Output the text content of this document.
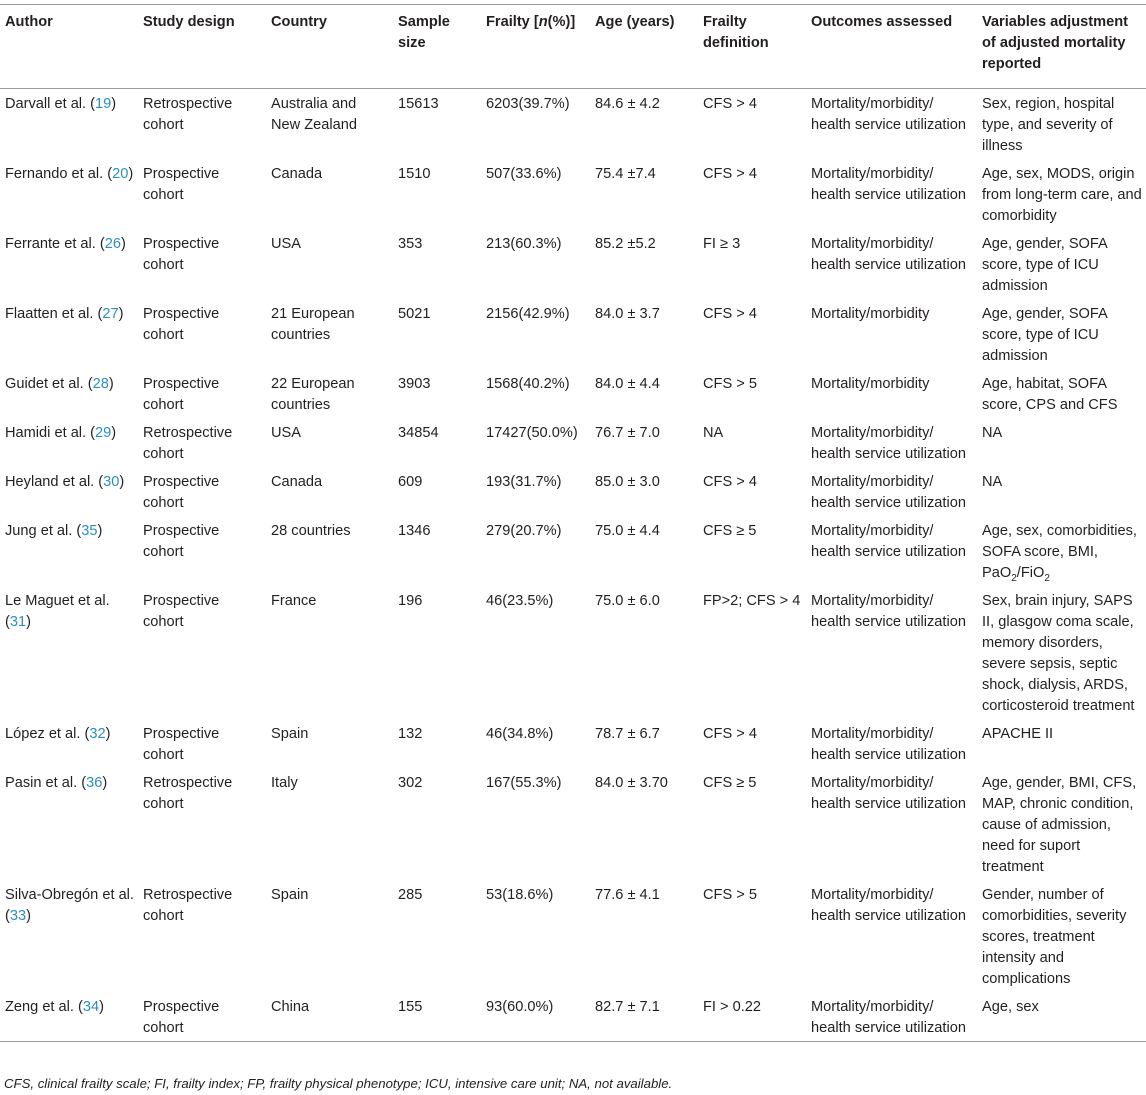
Author	Study design	Country	Sample size	Frailty [n(%)]	Age (years)	Frailty definition	Outcomes assessed	Variables adjustment of adjusted mortality reported
Darvall et al. (19)	Retrospective cohort	Australia and New Zealand	15613	6203(39.7%)	84.6 ± 4.2	CFS > 4	Mortality/morbidity/ health service utilization	Sex, region, hospital type, and severity of illness
Fernando et al. (20)	Prospective cohort	Canada	1510	507(33.6%)	75.4 ±7.4	CFS > 4	Mortality/morbidity/ health service utilization	Age, sex, MODS, origin from long-term care, and comorbidity
Ferrante et al. (26)	Prospective cohort	USA	353	213(60.3%)	85.2 ±5.2	FI ≥ 3	Mortality/morbidity/ health service utilization	Age, gender, SOFA score, type of ICU admission
Flaatten et al. (27)	Prospective cohort	21 European countries	5021	2156(42.9%)	84.0 ± 3.7	CFS > 4	Mortality/morbidity	Age, gender, SOFA score, type of ICU admission
Guidet et al. (28)	Prospective cohort	22 European countries	3903	1568(40.2%)	84.0 ± 4.4	CFS > 5	Mortality/morbidity	Age, habitat, SOFA score, CPS and CFS
Hamidi et al. (29)	Retrospective cohort	USA	34854	17427(50.0%)	76.7 ± 7.0	NA	Mortality/morbidity/ health service utilization	NA
Heyland et al. (30)	Prospective cohort	Canada	609	193(31.7%)	85.0 ± 3.0	CFS > 4	Mortality/morbidity/ health service utilization	NA
Jung et al. (35)	Prospective cohort	28 countries	1346	279(20.7%)	75.0 ± 4.4	CFS ≥ 5	Mortality/morbidity/ health service utilization	Age, sex, comorbidities, SOFA score, BMI, PaO$_2$/FiO$_2$
Le Maguet et al. (31)	Prospective cohort	France	196	46(23.5%)	75.0 ± 6.0	FP>2; CFS > 4	Mortality/morbidity/ health service utilization	Sex, brain injury, SAPS II, glasgow coma scale, memory disorders, severe sepsis, septic shock, dialysis, ARDS, corticosteroid treatment
López et al. (32)	Prospective cohort	Spain	132	46(34.8%)	78.7 ± 6.7	CFS > 4	Mortality/morbidity/ health service utilization	APACHE II
Pasin et al. (36)	Retrospective cohort	Italy	302	167(55.3%)	84.0 ± 3.70	CFS ≥ 5	Mortality/morbidity/ health service utilization	Age, gender, BMI, CFS, MAP, chronic condition, cause of admission, need for suport treatment
Silva-Obregón et al. (33)	Retrospective cohort	Spain	285	53(18.6%)	77.6 ± 4.1	CFS > 5	Mortality/morbidity/ health service utilization	Gender, number of comorbidities, severity scores, treatment intensity and complications
Zeng et al. (34)	Prospective cohort	China	155	93(60.0%)	82.7 ± 7.1	FI > 0.22	Mortality/morbidity/ health service utilization	Age, sex
CFS, clinical frailty scale; FI, frailty index; FP, frailty physical phenotype; ICU, intensive care unit; NA, not available.
